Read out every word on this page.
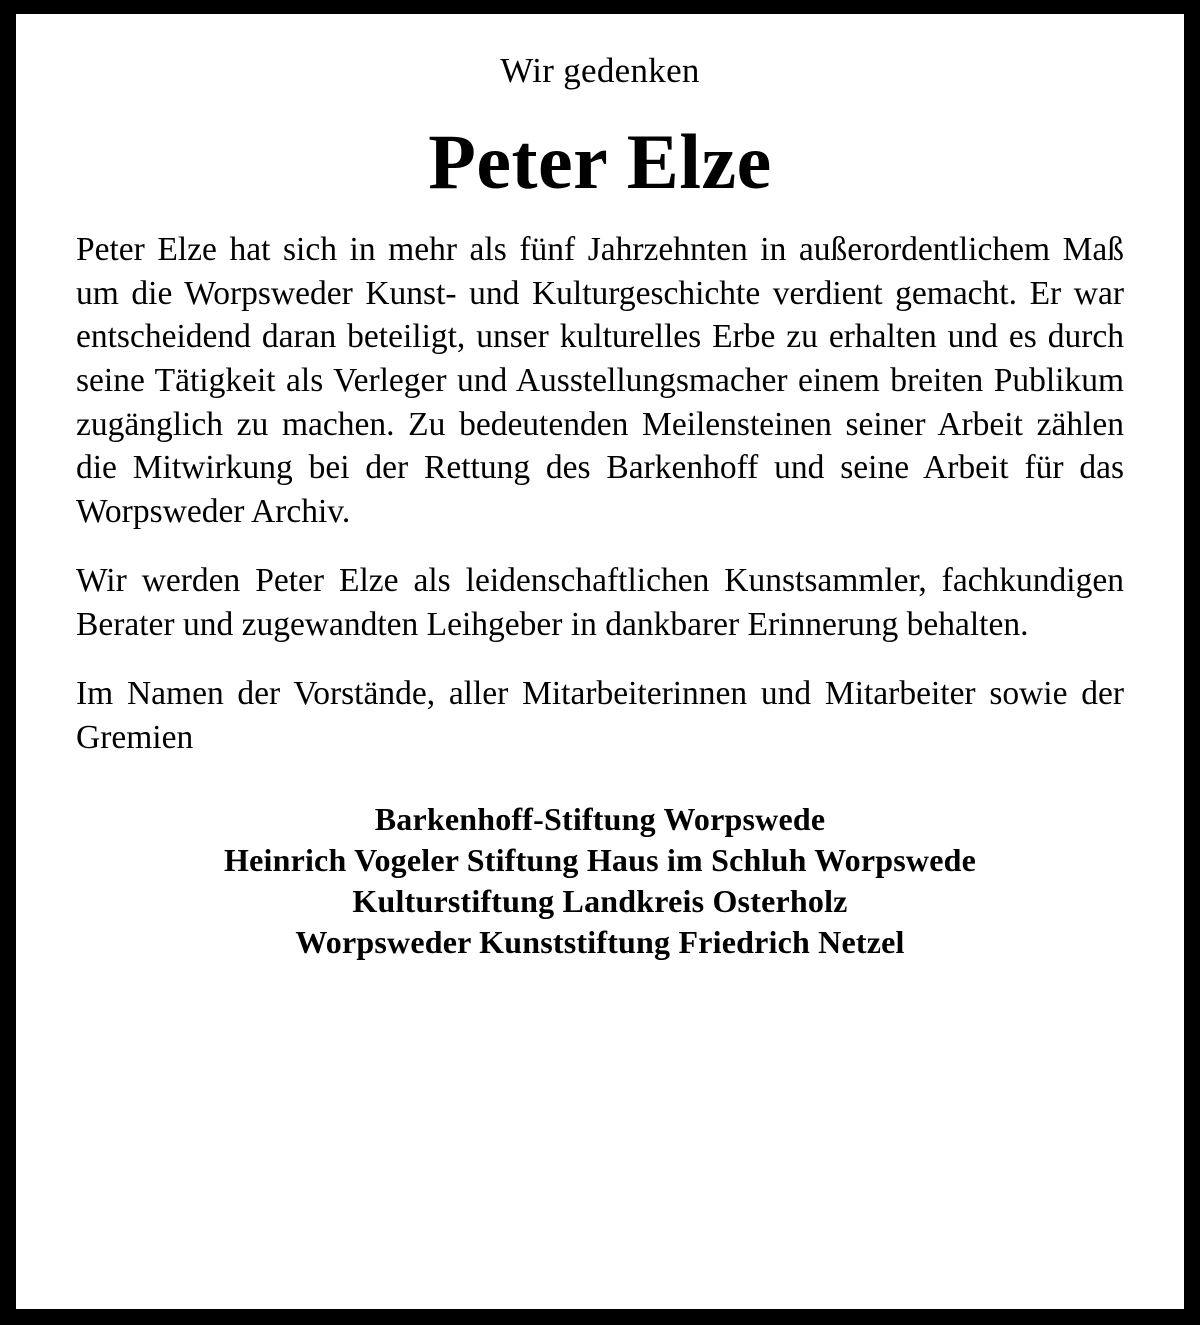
Wir gedenken
Peter Elze

Peter Elze hat sich in mehr als fünf Jahrzehnten in außerordentlichem Maß um die Worpsweder Kunst- und Kulturgeschichte verdient gemacht. Er war entscheidend daran beteiligt, unser kulturelles Erbe zu erhalten und es durch seine Tätigkeit als Verleger und Ausstellungsmacher einem breiten Publikum zugänglich zu machen. Zu bedeutenden Meilensteinen seiner Arbeit zählen die Mitwirkung bei der Rettung des Barkenhoff und seine Arbeit für das Worpsweder Archiv.

Wir werden Peter Elze als leidenschaftlichen Kunstsammler, fachkundigen Berater und zugewandten Leihgeber in dankbarer Erinnerung behalten.

Im Namen der Vorstände, aller Mitarbeiterinnen und Mitarbeiter sowie der Gremien

Barkenhoff-Stiftung Worpswede
Heinrich Vogeler Stiftung Haus im Schluh Worpswede
Kulturstiftung Landkreis Osterholz
Worpsweder Kunststiftung Friedrich Netzel
